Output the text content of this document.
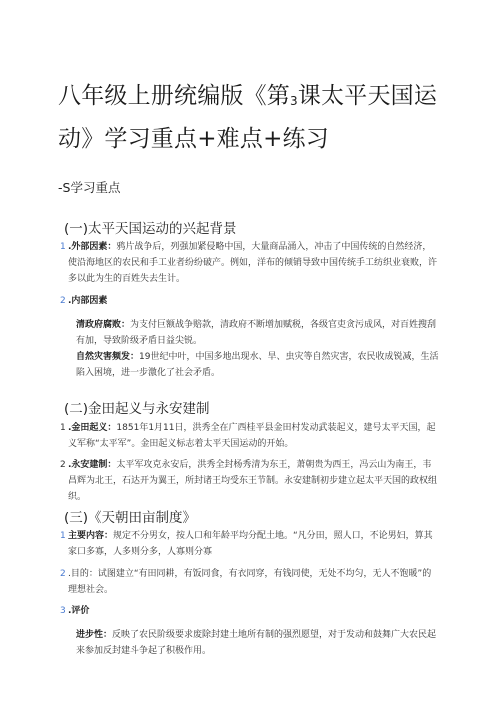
八年级上册统编版《第$_3$课太平天国运
动》学习重点+难点+练习
-S学习重点
(一)太平天国运动的兴起背景
1 .外部因素：鸦片战争后，列强加紧侵略中国，大量商品涌入，冲击了中国传统的自然经济，使沿海地区的农民和手工业者纷纷破产。例如，洋布的倾销导致中国传统手工纺织业衰败，许多以此为生的百姓失去生计。
2 .内部因素
清政府腐败：为支付巨额战争赔款，清政府不断增加赋税，各级官吏贪污成风，对百姓搜刮有加，导致阶级矛盾日益尖锐。
自然灾害频发：19世纪中叶，中国多地出现水、旱、虫灾等自然灾害，农民收成锐减，生活陷入困境，进一步激化了社会矛盾。
(二)金田起义与永安建制
1 .金田起义：1851年1月11日，洪秀全在广西桂平县金田村发动武装起义，建号太平天国，起义军称“太平军”。金田起义标志着太平天国运动的开始。
2 .永安建制：太平军攻克永安后，洪秀全封杨秀清为东王，萧朝贵为西王，冯云山为南王，韦昌辉为北王，石达开为翼王，所封诸王均受东王节制。永安建制初步建立起太平天国的政权组织。
(三)《天朝田亩制度》
1 主要内容：规定不分男女，按人口和年龄平均分配土地。“凡分田，照人口，不论男妇，算其家口多寡，人多则分多，人寡则分寡
2 .目的：试图建立“有田同耕，有饭同食，有衣同穿，有钱同使，无处不均匀，无人不饱暖”的理想社会。
3 .评价
进步性：反映了农民阶级要求废除封建土地所有制的强烈愿望，对于发动和鼓舞广大农民起来参加反封建斗争起了积极作用。
